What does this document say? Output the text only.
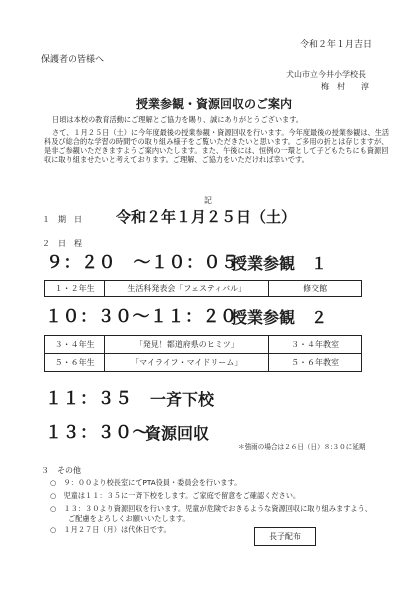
令和２年１月吉日
保護者の皆様へ
犬山市立今井小学校長
梅　村　　淳
授業参観・資源回収のご案内
日頃は本校の教育活動にご理解とご協力を賜り、誠にありがとうございます。
さて、１月２５日（土）に今年度最後の授業参観・資源回収を行います。今年度最後の授業参観は、生活科及び総合的な学習の時間での取り組み様子をご覧いただきたいと思います。ご多用の折とは存じますが、是非ご参観いただきますようご案内いたします。また、午後には、恒例の一環として子どもたちにも資源回収に取り組ませたいと考えております。ご理解、ご協力をいただければ幸いです。
記
１　期　日 令和２年１月２５日（土）
２　日　程
９：２０　～１０：０５
授業参観　１
１・２年生	生活科発表会「フェスティバル」	修交館
１０：３０～１１：２０
授業参観　２
３・４年生	「発見！都道府県のヒミツ」	３・４年教室
５・６年生	「マイライフ・マイドリーム」	５・６年教室
１１：３５ 一斉下校
１３：３０～
資源回収
＊強雨の場合は２６日（日）８:３０に延期
３　その他
○　９：００より校長室にてPTA役員・委員会を行います。
○　児童は１１：３５に一斉下校をします。ご家庭で留意をご確認ください。
○　１３：３０より資源回収を行います。児童が危険でおきるような資源回収に取り組みますよう、
ご配慮をよろしくお願いいたします。
○　１月２７日（月）は代休日です。
長子配布
